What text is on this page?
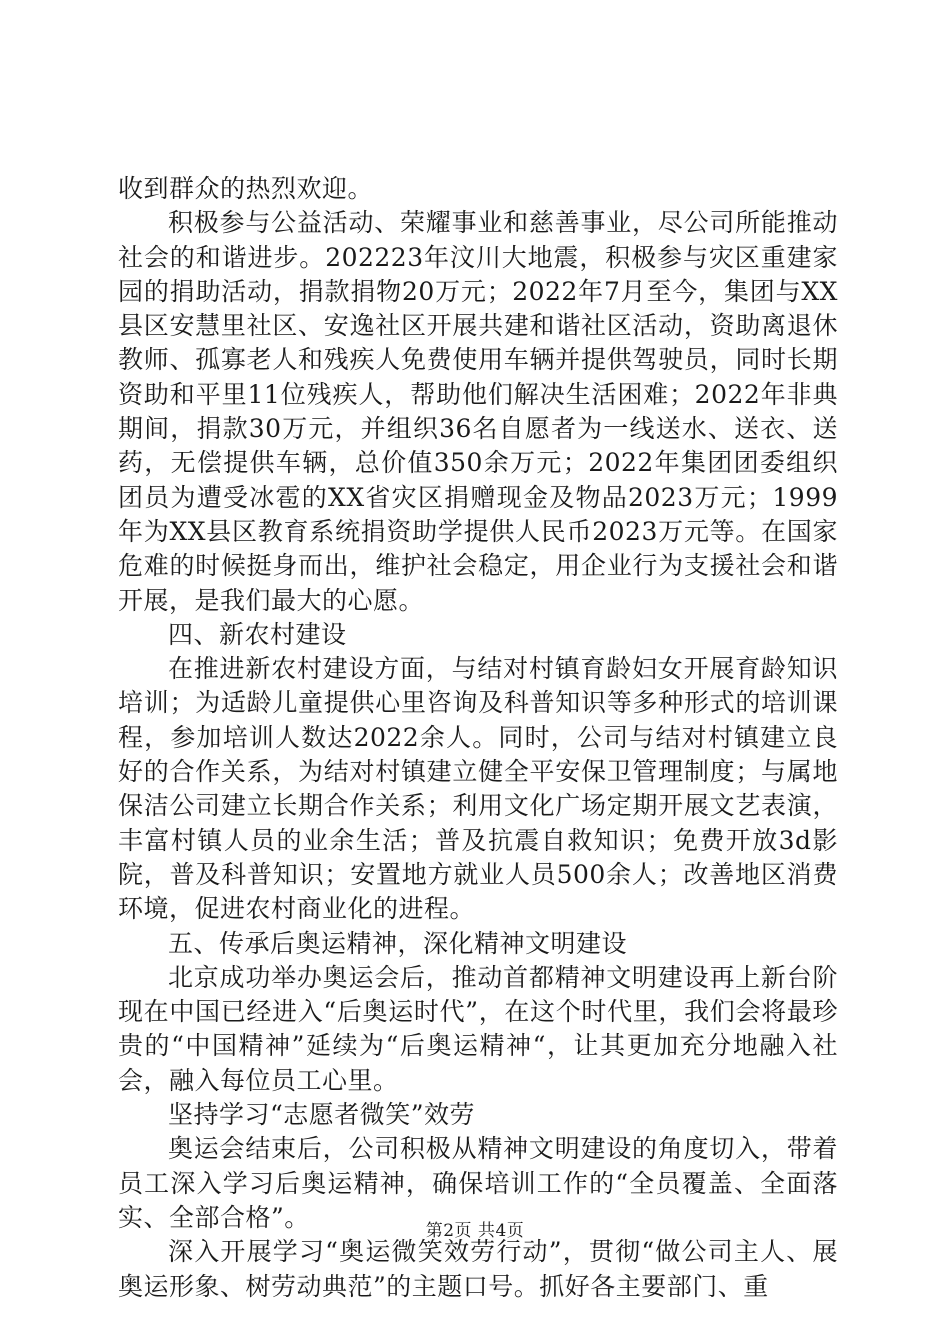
收到群众的热烈欢迎。

积极参与公益活动、荣耀事业和慈善事业，尽公司所能推动社会的和谐进步。202223年汶川大地震，积极参与灾区重建家园的捐助活动，捐款捐物20万元；2022年7月至今，集团与XX县区安慧里社区、安逸社区开展共建和谐社区活动，资助离退休教师、孤寡老人和残疾人免费使用车辆并提供驾驶员，同时长期资助和平里11位残疾人，帮助他们解决生活困难；2022年非典期间，捐款30万元，并组织36名自愿者为一线送水、送衣、送药，无偿提供车辆，总价值350余万元；2022年集团团委组织团员为遭受冰雹的XX省灾区捐赠现金及物品2023万元；1999年为XX县区教育系统捐资助学提供人民币2023万元等。在国家危难的时候挺身而出，维护社会稳定，用企业行为支援社会和谐开展，是我们最大的心愿。

四、新农村建设

在推进新农村建设方面，与结对村镇育龄妇女开展育龄知识培训；为适龄儿童提供心里咨询及科普知识等多种形式的培训课程，参加培训人数达2022余人。同时，公司与结对村镇建立良好的合作关系，为结对村镇建立健全平安保卫管理制度；与属地保洁公司建立长期合作关系；利用文化广场定期开展文艺表演，丰富村镇人员的业余生活；普及抗震自救知识；免费开放3d影院，普及科普知识；安置地方就业人员500余人；改善地区消费环境，促进农村商业化的进程。

五、传承后奥运精神，深化精神文明建设

北京成功举办奥运会后，推动首都精神文明建设再上新台阶现在中国已经进入“后奥运时代”，在这个时代里，我们会将最珍贵的“中国精神”延续为“后奥运精神“，让其更加充分地融入社会，融入每位员工心里。

坚持学习“志愿者微笑”效劳

奥运会结束后，公司积极从精神文明建设的角度切入，带着员工深入学习后奥运精神，确保培训工作的“全员覆盖、全面落实、全部合格”。

深入开展学习“奥运微笑效劳行动”，贯彻“做公司主人、展奥运形象、树劳动典范”的主题口号。抓好各主要部门、重

第2页 共4页
